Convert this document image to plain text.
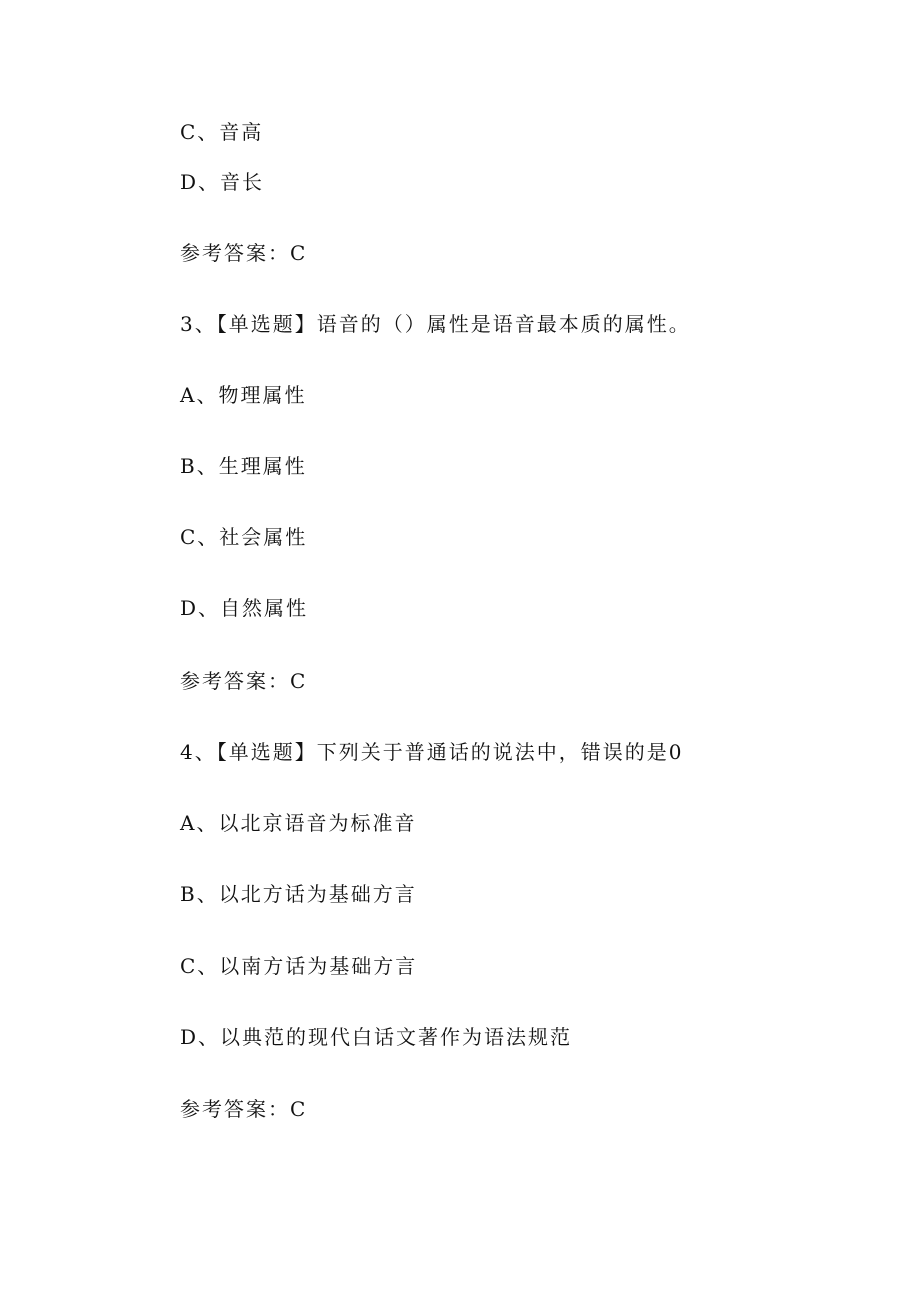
C、音高
D、音长
参考答案：C
3、【单选题】语音的（）属性是语音最本质的属性。
A、物理属性
B、生理属性
C、社会属性
D、自然属性
参考答案：C
4、【单选题】下列关于普通话的说法中，错误的是0
A、以北京语音为标准音
B、以北方话为基础方言
C、以南方话为基础方言
D、以典范的现代白话文著作为语法规范
参考答案：C
